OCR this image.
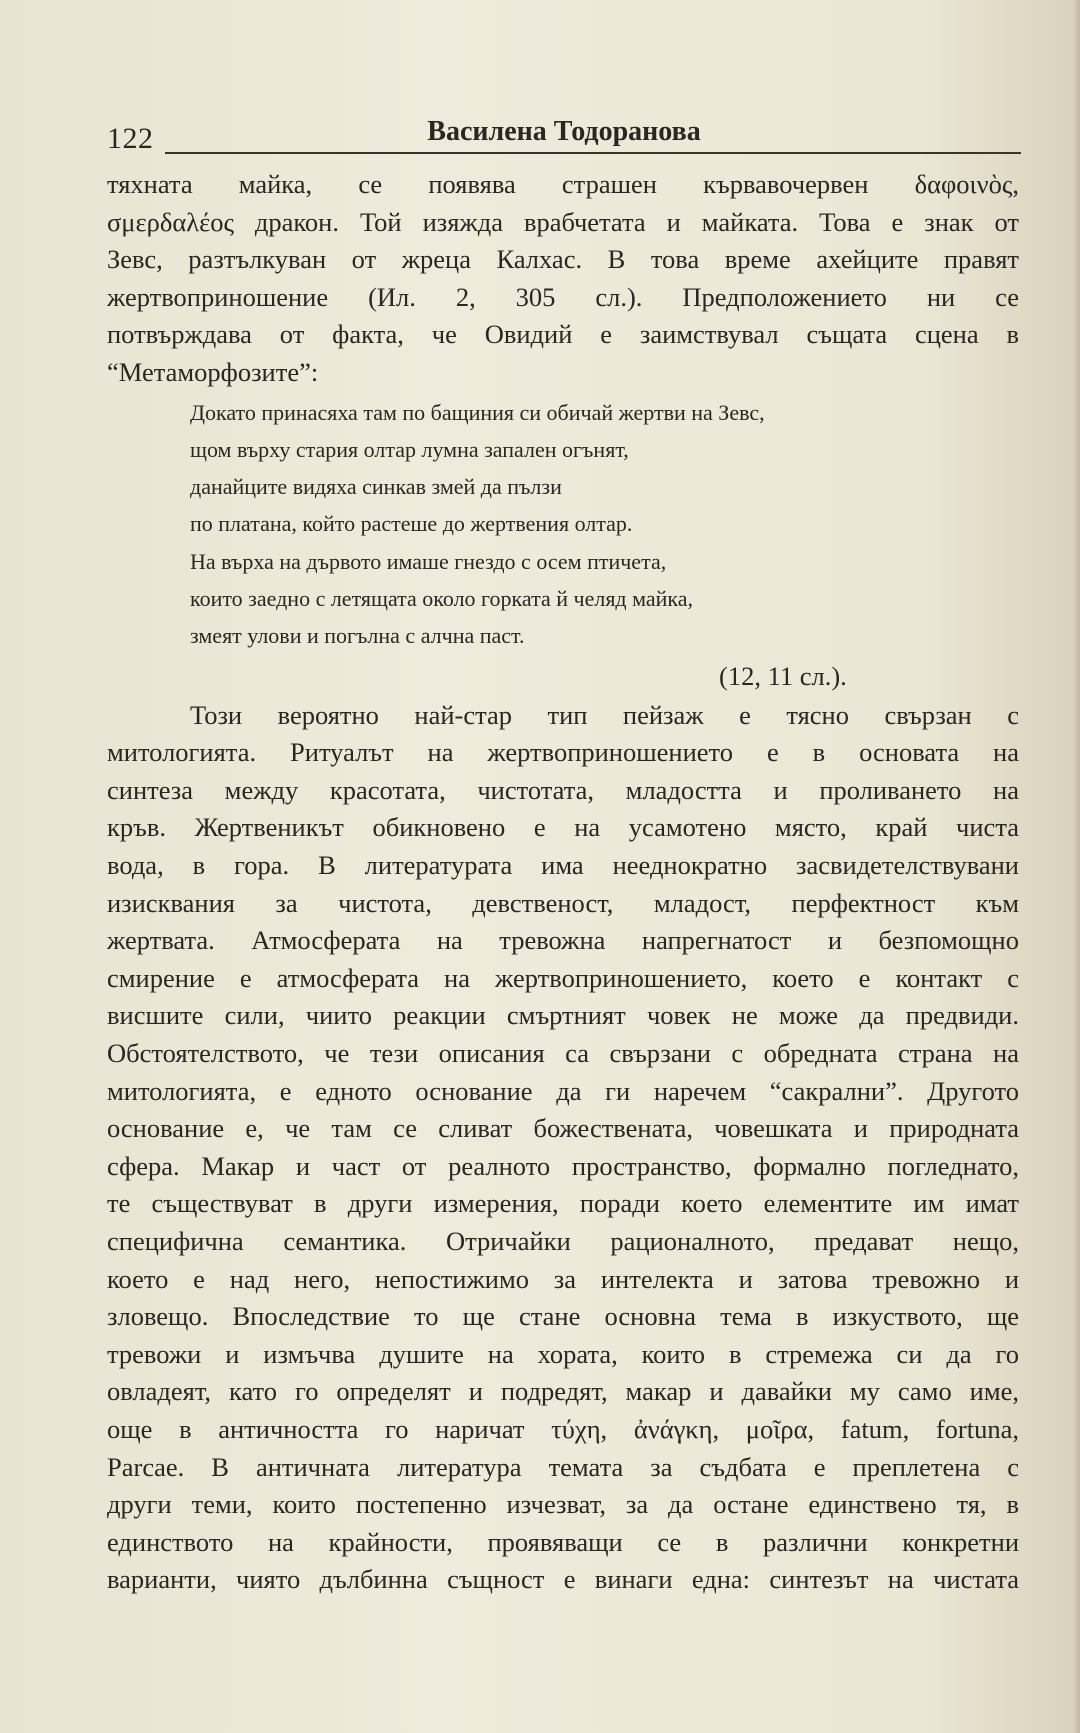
122	Василена Тодоранова
тяхната майка, се появява страшен кървавочервен δαφοινὸς,
σμερδαλέος дракон. Той изяжда врабчетата и майката. Това е знак от
Зевс, разтълкуван от жреца Калхас. В това време ахейците правят
жертвоприношение (Ил. 2, 305 сл.). Предположението ни се
потвърждава от факта, че Овидий е заимствувал същата сцена в
“Метаморфозите”:
Докато принасяха там по бащиния си обичай жертви на Зевс,
щом върху стария олтар лумна запален огънят,
данайците видяха синкав змей да пълзи
по платана, който растеше до жертвения олтар.
На върха на дървото имаше гнездо с осем птичета,
които заедно с летящата около горката й челяд майка,
змеят улови и погълна с алчна паст.
(12, 11 сл.).
Този вероятно най-стар тип пейзаж е тясно свързан с
митологията. Ритуалът на жертвоприношението е в основата на
синтеза между красотата, чистотата, младостта и проливането на
кръв. Жертвеникът обикновено е на усамотено място, край чиста
вода, в гора. В литературата има нееднократно засвидетелствувани
изисквания за чистота, девственост, младост, перфектност към
жертвата. Атмосферата на тревожна напрегнатост и безпомощно
смирение е атмосферата на жертвоприношението, което е контакт с
висшите сили, чиито реакции смъртният човек не може да предвиди.
Обстоятелството, че тези описания са свързани с обредната страна на
митологията, е едното основание да ги наречем “сакрални”. Другото
основание е, че там се сливат божествената, човешката и природната
сфера. Макар и част от реалното пространство, формално погледнато,
те съществуват в други измерения, поради което елементите им имат
специфична семантика. Отричайки рационалното, предават нещо,
което е над него, непостижимо за интелекта и затова тревожно и
зловещо. Впоследствие то ще стане основна тема в изкуството, ще
тревожи и измъчва душите на хората, които в стремежа си да го
овладеят, като го определят и подредят, макар и давайки му само име,
още в античността го наричат τύχη, ἀνάγκη, μοῖρα, fatum, fortuna,
Parcae. В античната литература темата за съдбата е преплетена с
други теми, които постепенно изчезват, за да остане единствено тя, в
единството на крайности, проявяващи се в различни конкретни
варианти, чиято дълбинна същност е винаги една: синтезът на чистата
